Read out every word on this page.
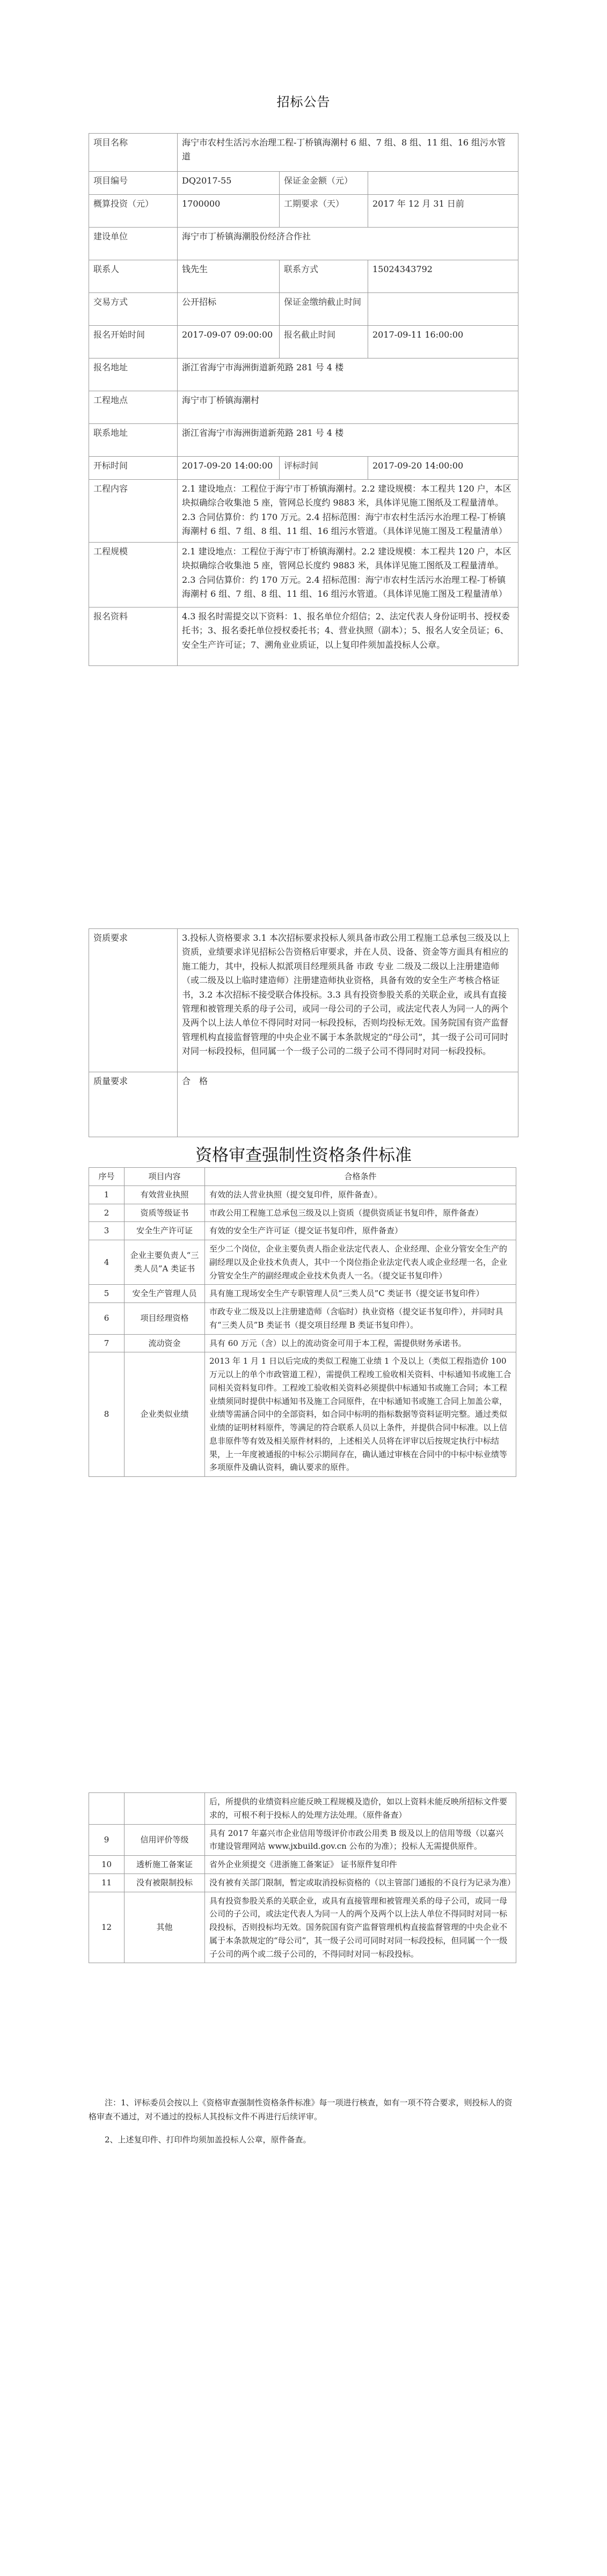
招标公告
项目名称	海宁市农村生活污水治理工程-丁桥镇海潮村 6 組、7 组、8 组、11 组、16 组污水管道		
项目编号	DQ2017-55	保证金金额（元）	
概算投资（元）	1700000	工期要求（天）	2017 年 12 月 31 日前
建设单位	海宁市丁桥镇海潮股份经济合作社		
联系人	钱先生	联系方式	15024343792
交易方式	公开招标	保证金缴纳截止时间	
报名开始时间	2017-09-07 09:00:00	报名截止时间	2017-09-11 16:00:00
报名地址	浙江省海宁市海洲街道新苑路 281 号 4 楼		
工程地点	海宁市丁桥镇海潮村		
联系地址	浙江省海宁市海洲街道新苑路 281 号 4 楼		
开标时间	2017-09-20 14:00:00	评标时间	2017-09-20 14:00:00
工程内容	2.1 建设地点：工程位于海宁市丁桥镇海潮村。2.2 建设规模：本工程共 120 户，本区块拟确综合收集池 5 座，管网总长度约 9883 米，具体详见施工图纸及工程量清单。2.3 合同估算价：约 170 万元。2.4 招标范围：海宁市农村生活污水治理工程-丁桥镇海潮村 6 组、7 组、8 组、11 组、16 组污水管道。（具体详见施工图及工程量清单）		
工程规模	2.1 建设地点：工程位于海宁市丁桥镇海潮村。2.2 建设规模：本工程共 120 户，本区块拟确综合收集池 5 座，管网总长度约 9883 米，具体详见施工图纸及工程量清单。2.3 合同估算价：约 170 万元。2.4 招标范围：海宁市农村生活污水治理工程-丁桥镇海潮村 6 组、7 组、8 组、11 组、16 组污水管道。（具体详见施工图及工程量清单）		
报名资料	4.3 报名时需提交以下资料：1、报名单位介绍信；2、法定代表人身份证明书、授权委托书；3、报名委托单位授权委托书；4、营业执照（副本）；5、报名人安全员证；6、安全生产许可证；7、溯角业业质证，以上复印件须加盖投标人公章。		
资质要求	3.投标人资格要求 3.1 本次招标要求投标人须具备市政公用工程施工总承包三级及以上资质，业绩要求详见招标公告资格后审要求，并在人员、设备、资金等方面具有相应的施工能力，其中，投标人拟派项目经理须具备 市政 专业 二级及二级以上注册建造师（或二级及以上临时建造师）注册建造师执业资格，具备有效的安全生产考核合格证书，3.2 本次招标不接受联合体投标。3.3 具有投资参股关系的关联企业，或具有直接管理和被管理关系的母子公司，或同一母公司的子公司，或法定代表人为同一人的两个及两个以上法人单位不得同时对同一标段投标，否则均投标无效。国务院国有资产监督管理机构直接监督管理的中央企业不属于本条款规定的“母公司”，其一级子公司可同时对同一标段投标，但同属一个一级子公司的二级子公司不得同时对同一标段投标。
质量要求	合　格
资格审查强制性资格条件标准
序号	项目内容	合格条件
1	有效营业执照	有效的法人营业执照（提交复印件，原件备查）。
2	资质等级证书	市政公用工程施工总承包三级及以上资质（提供资质证书复印件，原件备查）
3	安全生产许可证	有效的安全生产许可证（提交证书复印件，原件备查）
4	企业主要负责人“三类人员”A 类证书	至少二个岗位，企业主要负责人指企业法定代表人、企业经理、企业分管安全生产的副经理以及企业技术负责人，其中一个岗位指企业法定代表人或企业经理一名，企业分管安全生产的副经理或企业技术负责人一名。（提交证书复印件）
5	安全生产管理人员	具有施工现场安全生产专职管理人员“三类人员”C 类证书（提交证书复印件）
6	项目经理资格	市政专业二级及以上注册建造师（含临时）执业资格（提交证书复印件），并同时具有“三类人员”B 类证书（提交项目经理 B 类证书复印件）。
7	流动资金	具有 60 万元（含）以上的流动资金可用于本工程，需提供财务承诺书。
8	企业类似业绩	2013 年 1 月 1 日以后完成的类似工程施工业绩 1 个及以上（类似工程指造价 100 万元以上的单个市政管道工程），需提供工程竣工验收相关资料、中标通知书或施工合同相关资料复印件。工程竣工验收相关资料必须提供中标通知书或施工合同；本工程业绩须同时提供中标通知书及施工合同原件，在中标通知书或施工合同上加盖公章，业绩等需涵合同中的全部资料，如合同中标明的指标数据等资料证明完整。通过类似业绩的证明材料原件，等满足的符合联系人员以上条件，并提供合同中标准。以上信息非原件等有效及相关原件材料的，上述相关人员将在评审以后按规定执行中标结果，上一年度被通报的中标公示期间存在，确认通过审核在合同中的中标中标业绩等多项原件及确认资料，确认要求的原件。
		后，所提供的业绩资料应能反映工程规模及造价，如以上资料未能反映所招标文件要求的，可根不利于投标人的处理方法处理。（原件备查）
9	信用评价等级	具有 2017 年嘉兴市企业信用等级评价市政公用类 B 级及以上的信用等级（以嘉兴市建设管理网站 www.jxbuild.gov.cn 公布的为准）；投标人无需提供原件。
10	透析施工备案证	省外企业须提交《进浙施工备案证》 证书原件复印件
11	没有被限制投标	没有被有关部门限制，暂定或取消投标资格的（以主管部门通报的不良行为记录为准）
12	其他	具有投资参股关系的关联企业，或具有直接管理和被管理关系的母子公司，或同一母公司的子公司，或法定代表人为同一人的两个及两个以上法人单位不得同时对同一标段投标，否则投标均无效。国务院国有资产监督管理机构直接监督管理的中央企业不属于本条款规定的“母公司”，其一级子公司可同时对同一标段投标，但同属一个一级子公司的两个或二级子公司的，不得同时对同一标段投标。

注：1、评标委员会按以上《资格审查强制性资格条件标准》每一项进行核查，如有一项不符合要求，则投标人的资格审查不通过，对不通过的投标人其投标文件不再进行后续评审。

2、上述复印件、打印件均须加盖投标人公章，原件备查。
